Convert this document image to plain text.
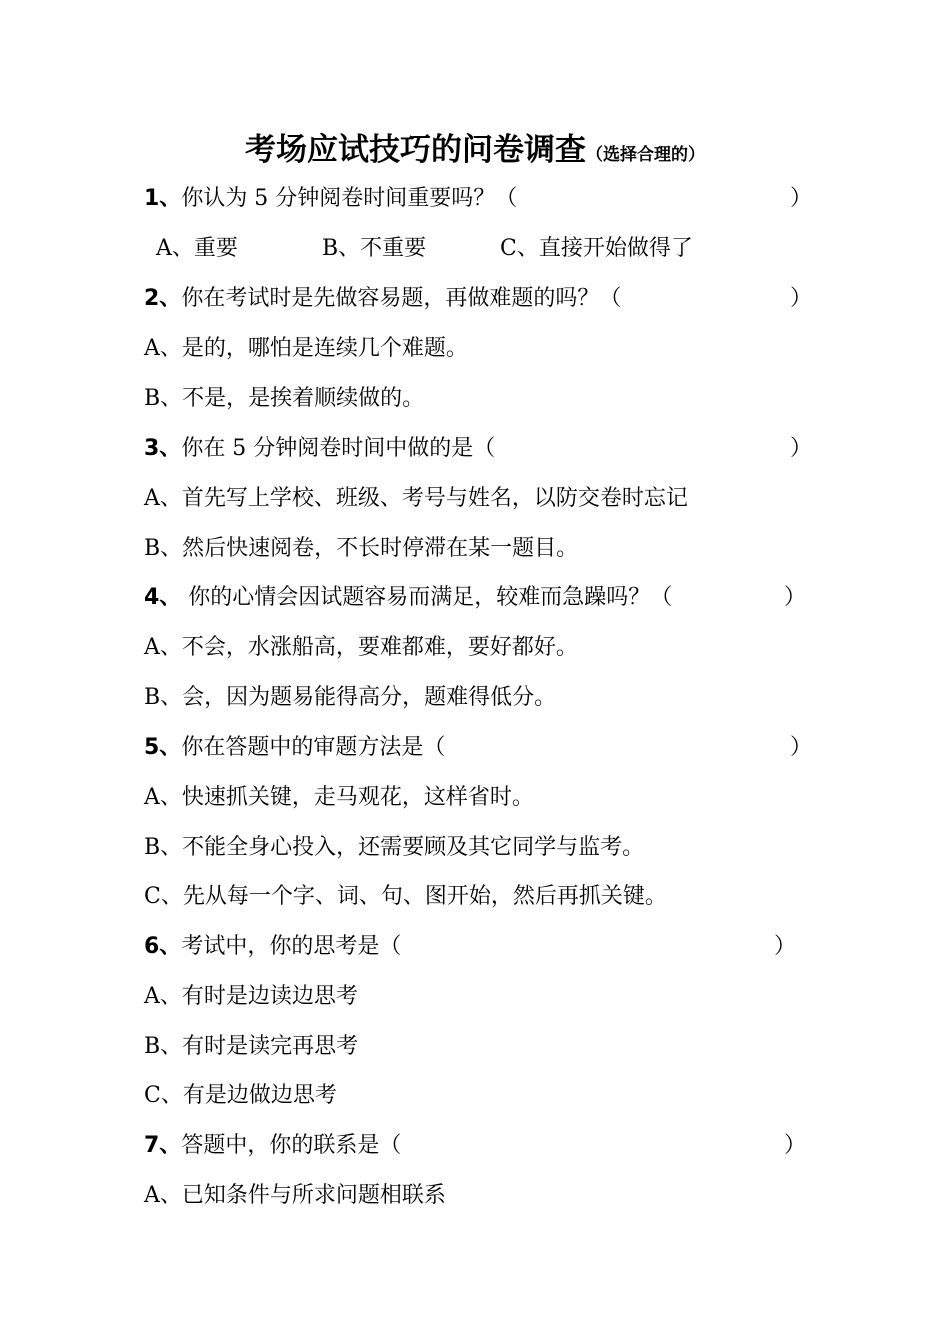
考场应试技巧的问卷调查（选择合理的）
1、你认为 5 分钟阅卷时间重要吗？（	）
A、重要	B、不重要	C、直接开始做得了
2、你在考试时是先做容易题，再做难题的吗？（	）
A、是的，哪怕是连续几个难题。
B、不是，是挨着顺续做的。
3、你在 5 分钟阅卷时间中做的是（	）
A、首先写上学校、班级、考号与姓名，以防交卷时忘记
B、然后快速阅卷，不长时停滞在某一题目。
4、 你的心情会因试题容易而满足，较难而急躁吗？（	）
A、不会，水涨船高，要难都难，要好都好。
B、会，因为题易能得高分，题难得低分。
5、你在答题中的审题方法是（	）
A、快速抓关键，走马观花，这样省时。
B、不能全身心投入，还需要顾及其它同学与监考。
C、先从每一个字、词、句、图开始，然后再抓关键。
6、考试中，你的思考是（	）
A、有时是边读边思考
B、有时是读完再思考
C、有是边做边思考
7、答题中，你的联系是（	）
A、已知条件与所求问题相联系
